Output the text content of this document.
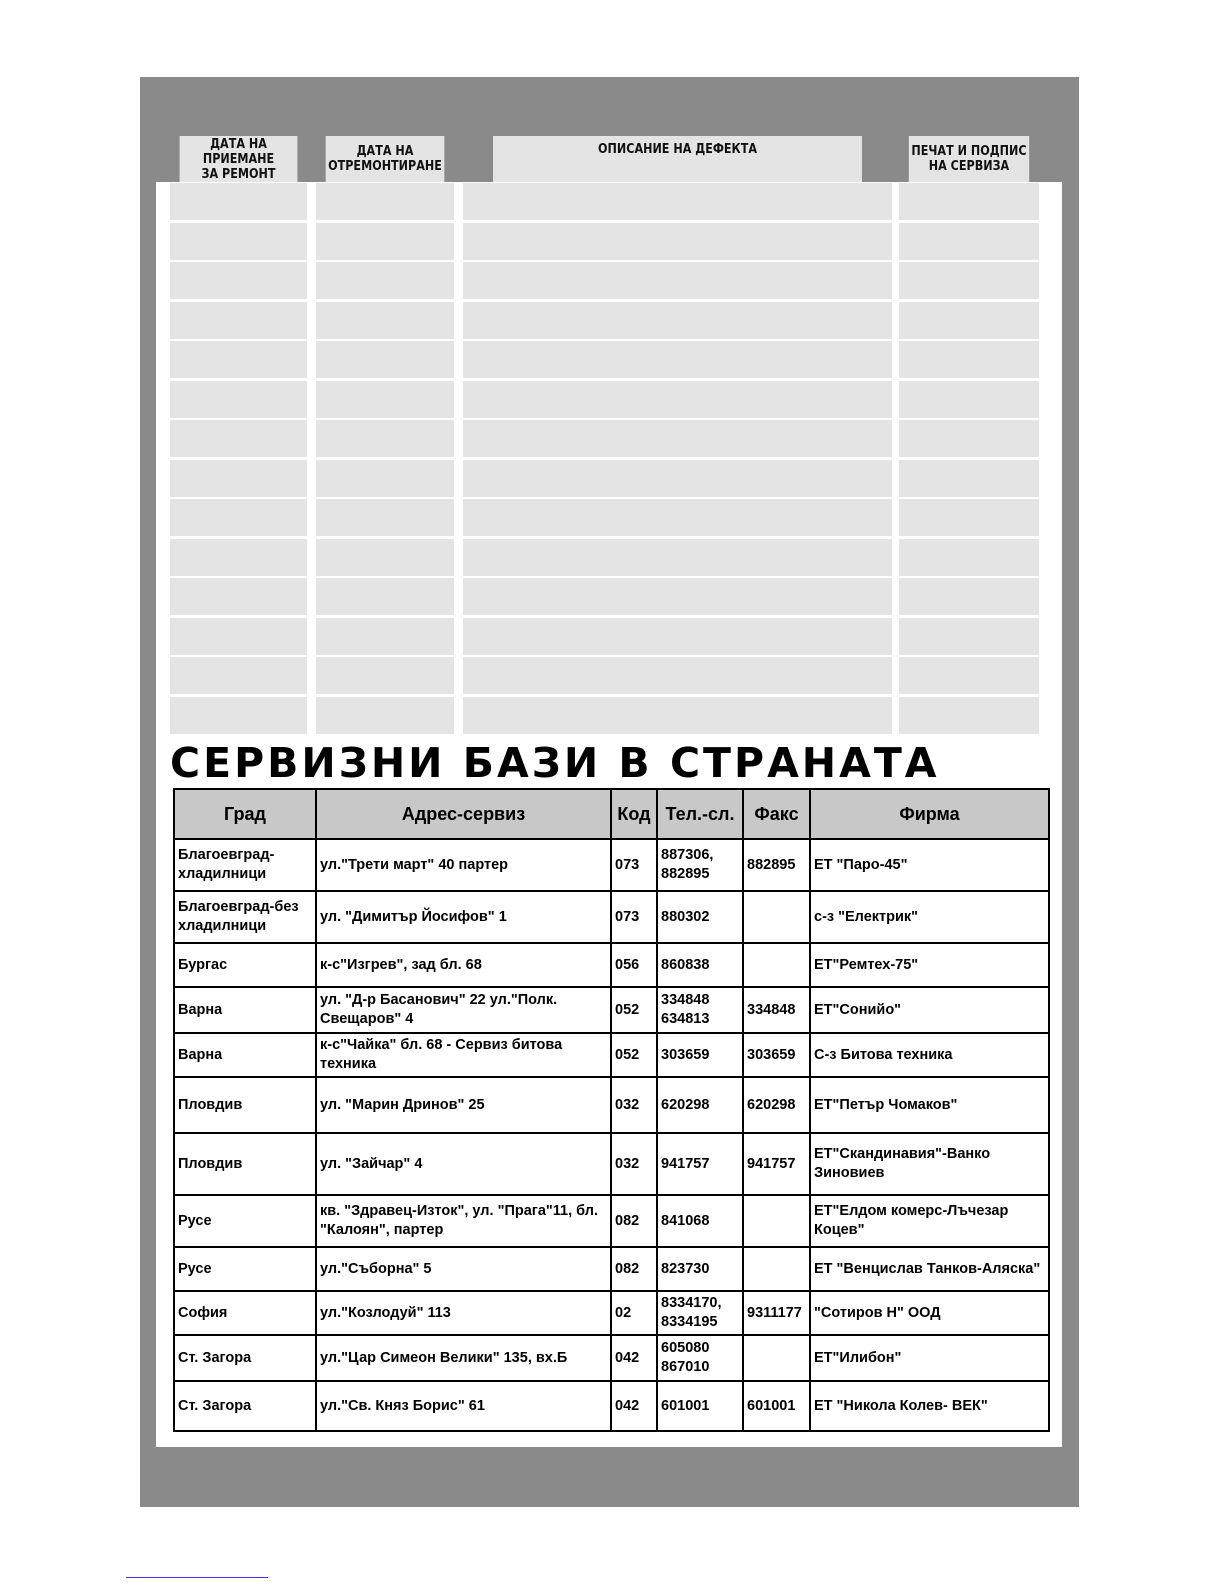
ДАТА НА ПРИЕМАНЕ
ЗА РЕМОНТ
ДАТА НА
ОТРЕМОНТИРАНЕ
ОПИСАНИЕ НА ДЕФЕКТА	ПЕЧАТ И ПОДПИС
НА СЕРВИЗА
СЕРВИЗНИ БАЗИ В СТРАНАТА
Град	Адрес-сервиз	Код	Тел.-сл.	Факс	Фирма
Благоевград-хладилници	ул."Трети март" 40 партер	073	887306, 882895	882895	ЕТ "Паро-45"
Благоевград-без хладилници	ул. "Димитър Йосифов" 1	073	880302		с-з "Електрик"
Бургас	к-с"Изгрев", зад бл. 68	056	860838		ЕТ"Ремтех-75"
Варна	ул. "Д-р Басанович" 22 ул."Полк. Свещаров" 4	052	334848 634813	334848	ЕТ"Сонийо"
Варна	к-с"Чайка" бл. 68 - Сервиз битова техника	052	303659	303659	С-з Битова техника
Пловдив	ул. "Марин Дринов" 25	032	620298	620298	ЕТ"Петър Чомаков"
Пловдив	ул. "Зайчар" 4	032	941757	941757	ЕТ"Скандинавия"-Ванко Зиновиев
Русе	кв. "Здравец-Изток", ул. "Прага"11, бл. "Калоян", партер	082	841068		ЕТ"Елдом комерс-Лъчезар Коцев"
Русе	ул."Съборна" 5	082	823730		ЕТ "Венцислав Танков-Аляска"
София	ул."Козлодуй" 113	02	8334170, 8334195	9311177	"Сотиров Н" ООД
Ст. Загора	ул."Цар Симеон Велики" 135, вх.Б	042	605080 867010		ЕТ"Илибон"
Ст. Загора	ул."Св. Княз Борис" 61	042	601001	601001	ЕТ "Никола Колев- ВЕК"
